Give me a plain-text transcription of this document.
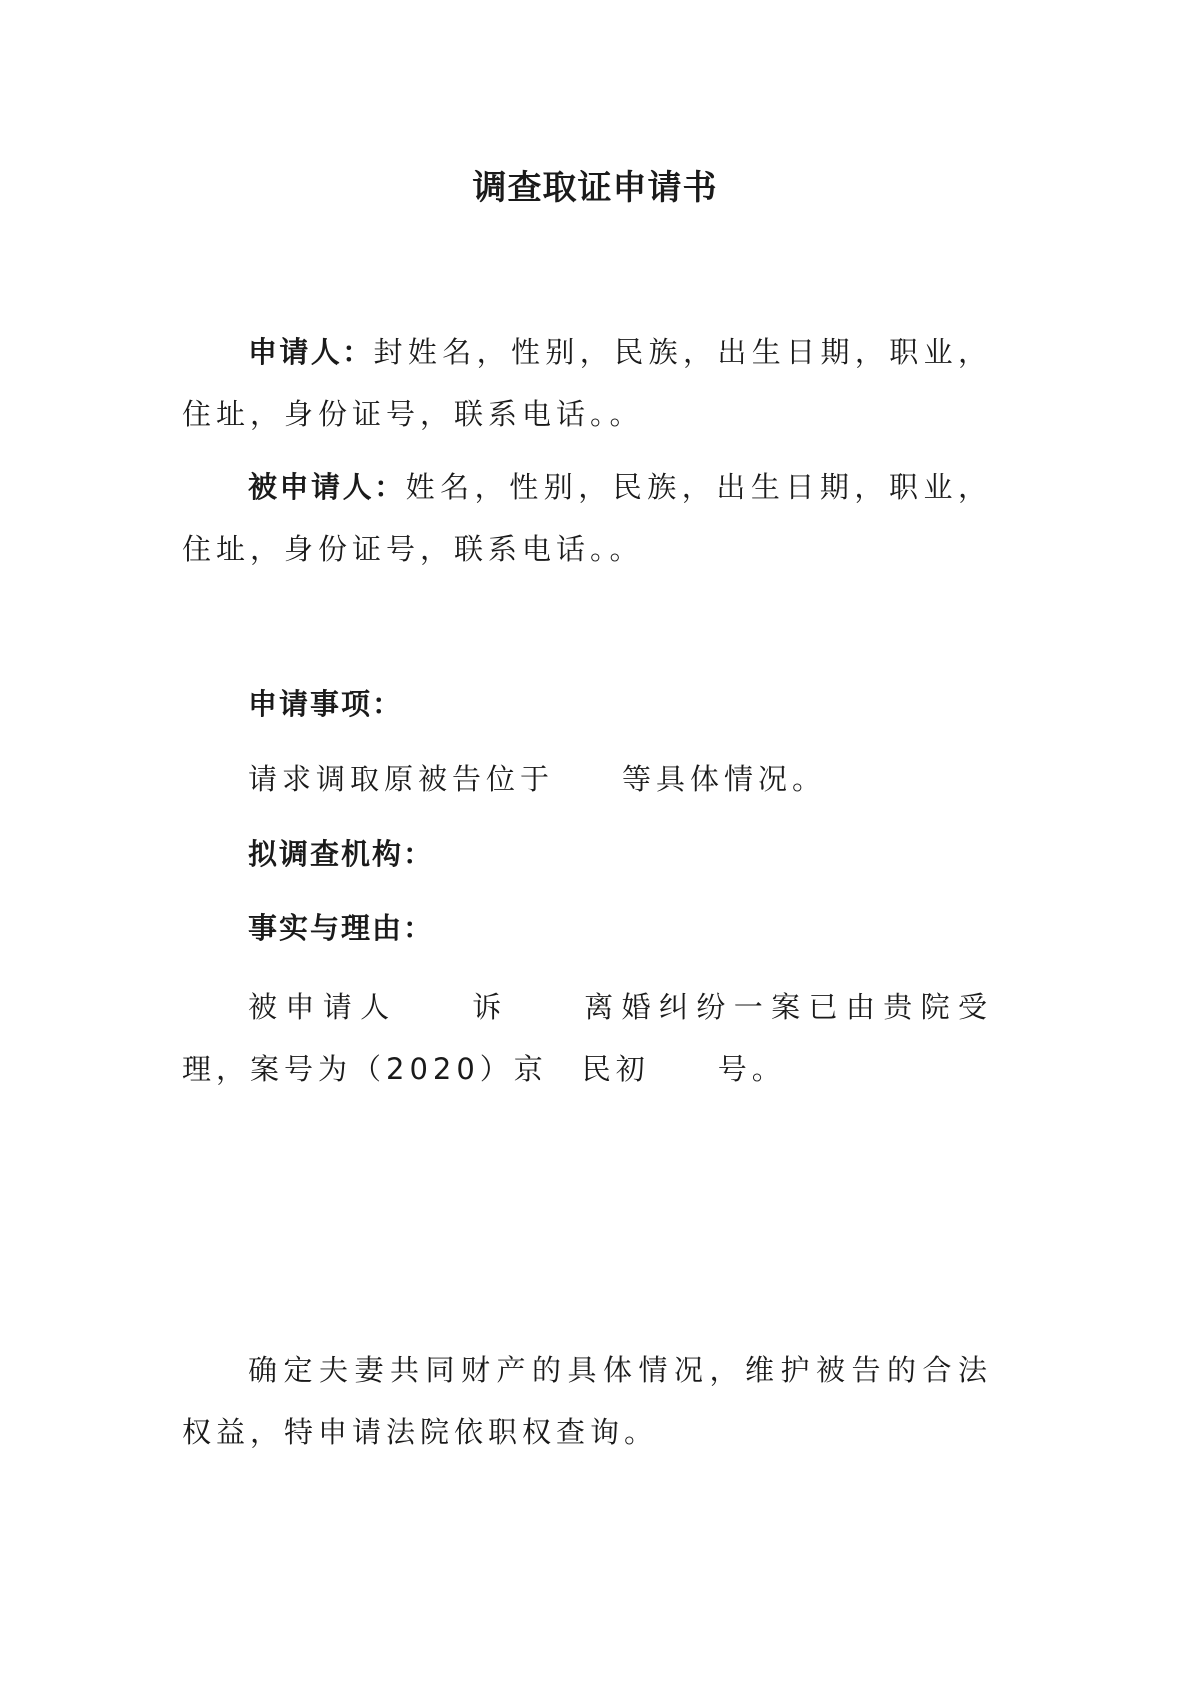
调查取证申请书
申请人：封姓名，性别，民族，出生日期，职业，住址，身份证号，联系电话。。
被申请人：姓名，性别，民族，出生日期，职业，住址，身份证号，联系电话。。
申请事项：
请求调取原被告位于　　等具体情况。
拟调查机构：
事实与理由：
被申请人　　诉　　离婚纠纷一案已由贵院受理，案号为（2020）京　民初　　号。
确定夫妻共同财产的具体情况，维护被告的合法权益，特申请法院依职权查询。
